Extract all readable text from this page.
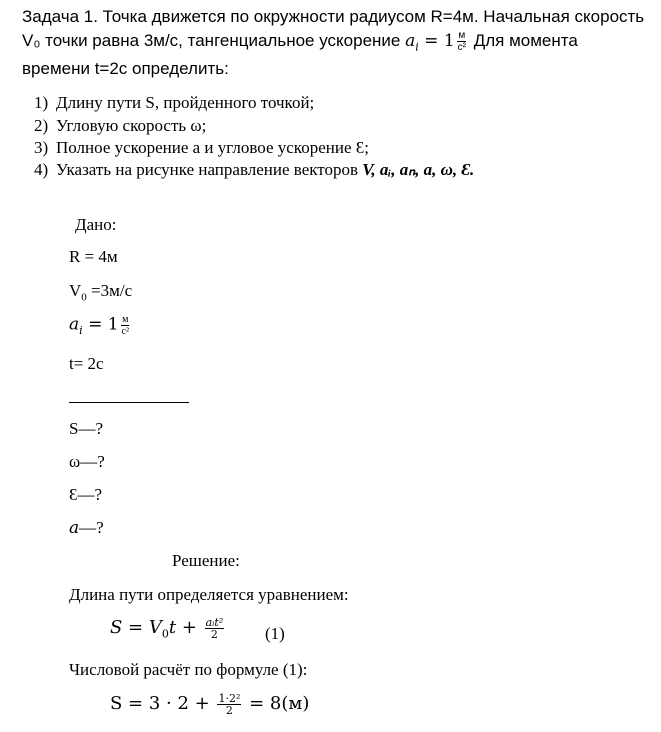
Задача 1. Точка движется по окружности радиусом R=4м. Начальная скорость
V₀ точки равна 3м/с, тангенциальное ускорение $a_i = 1 \frac{м}{\text{с²}}$ Для момента
времени t=2с определить:
1) Длину пути S, пройденного точкой;
2) Угловую скорость ω;
3) Полное ускорение а и угловое ускорение Ɛ;
4) Указать на рисунке направление векторов V, aᵢ, aₙ, a, ω, Ɛ.
Дано:
R = 4м
$V_0 =3м/с$
$a_i = 1 \frac{м}{\text{с²}}$
t= 2с
S—?
ω—?
Ɛ—?
a—?
Решение:
Длина пути определяется уравнением:
$S = V_0t + \frac{\text{aᵢt²}}{2} (1)$
Числовой расчёт по формуле (1):
$S = 3 \cdot 2 + \frac{\text{1·2²}}{2} = 8(м)$
